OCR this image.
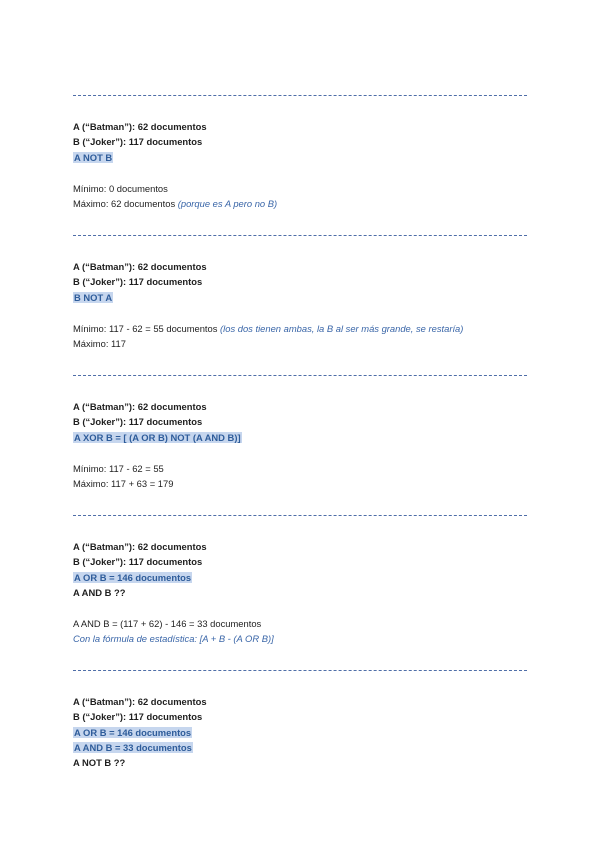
A (“Batman”): 62 documentos
B (“Joker”): 117 documentos
A NOT B
Mínimo: 0 documentos
Máximo: 62 documentos (porque es A pero no B)
A (“Batman”): 62 documentos
B (“Joker”): 117 documentos
B NOT A
Mínimo: 117 - 62 = 55 documentos (los dos tienen ambas, la B al ser más grande, se restaría)
Máximo: 117
A (“Batman”): 62 documentos
B (“Joker”): 117 documentos
A XOR B = [ (A OR B) NOT (A AND B)]
Mínimo: 117 - 62 = 55
Máximo: 117 + 63 = 179
A (“Batman”): 62 documentos
B (“Joker”): 117 documentos
A OR B = 146 documentos
A AND B ??
A AND B = (117 + 62) - 146 = 33 documentos
Con la fórmula de estadística: [A + B - (A OR B)]
A (“Batman”): 62 documentos
B (“Joker”): 117 documentos
A OR B = 146 documentos
A AND B = 33 documentos
A NOT B ??
